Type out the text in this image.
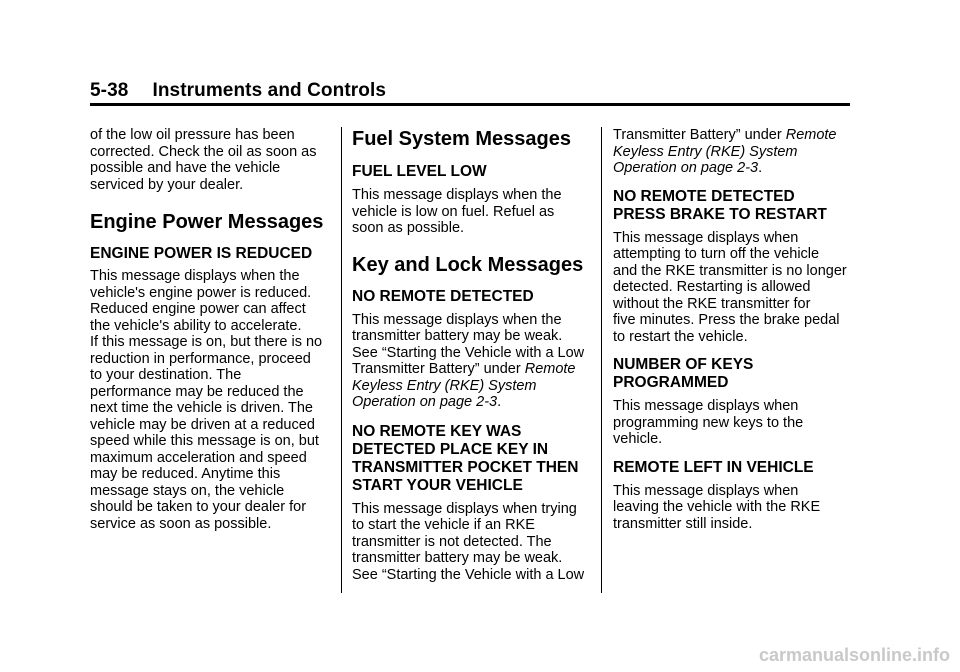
5-38 Instruments and Controls

of the low oil pressure has been
corrected. Check the oil as soon as
possible and have the vehicle
serviced by your dealer.

Engine Power Messages
ENGINE POWER IS REDUCED

This message displays when the
vehicle's engine power is reduced.
Reduced engine power can affect
the vehicle's ability to accelerate.
If this message is on, but there is no
reduction in performance, proceed
to your destination. The
performance may be reduced the
next time the vehicle is driven. The
vehicle may be driven at a reduced
speed while this message is on, but
maximum acceleration and speed
may be reduced. Anytime this
message stays on, the vehicle
should be taken to your dealer for
service as soon as possible.

Fuel System Messages
FUEL LEVEL LOW

This message displays when the
vehicle is low on fuel. Refuel as
soon as possible.

Key and Lock Messages
NO REMOTE DETECTED

This message displays when the
transmitter battery may be weak.
See “Starting the Vehicle with a Low
Transmitter Battery” under Remote
Keyless Entry (RKE) System
Operation on page 2-3.

NO REMOTE KEY WAS
DETECTED PLACE KEY IN
TRANSMITTER POCKET THEN
START YOUR VEHICLE

This message displays when trying
to start the vehicle if an RKE
transmitter is not detected. The
transmitter battery may be weak.
See “Starting the Vehicle with a Low

Transmitter Battery” under Remote
Keyless Entry (RKE) System
Operation on page 2-3.

NO REMOTE DETECTED
PRESS BRAKE TO RESTART

This message displays when
attempting to turn off the vehicle
and the RKE transmitter is no longer
detected. Restarting is allowed
without the RKE transmitter for
five minutes. Press the brake pedal
to restart the vehicle.

NUMBER OF KEYS
PROGRAMMED

This message displays when
programming new keys to the
vehicle.

REMOTE LEFT IN VEHICLE

This message displays when
leaving the vehicle with the RKE
transmitter still inside.

carmanualsonline.info
